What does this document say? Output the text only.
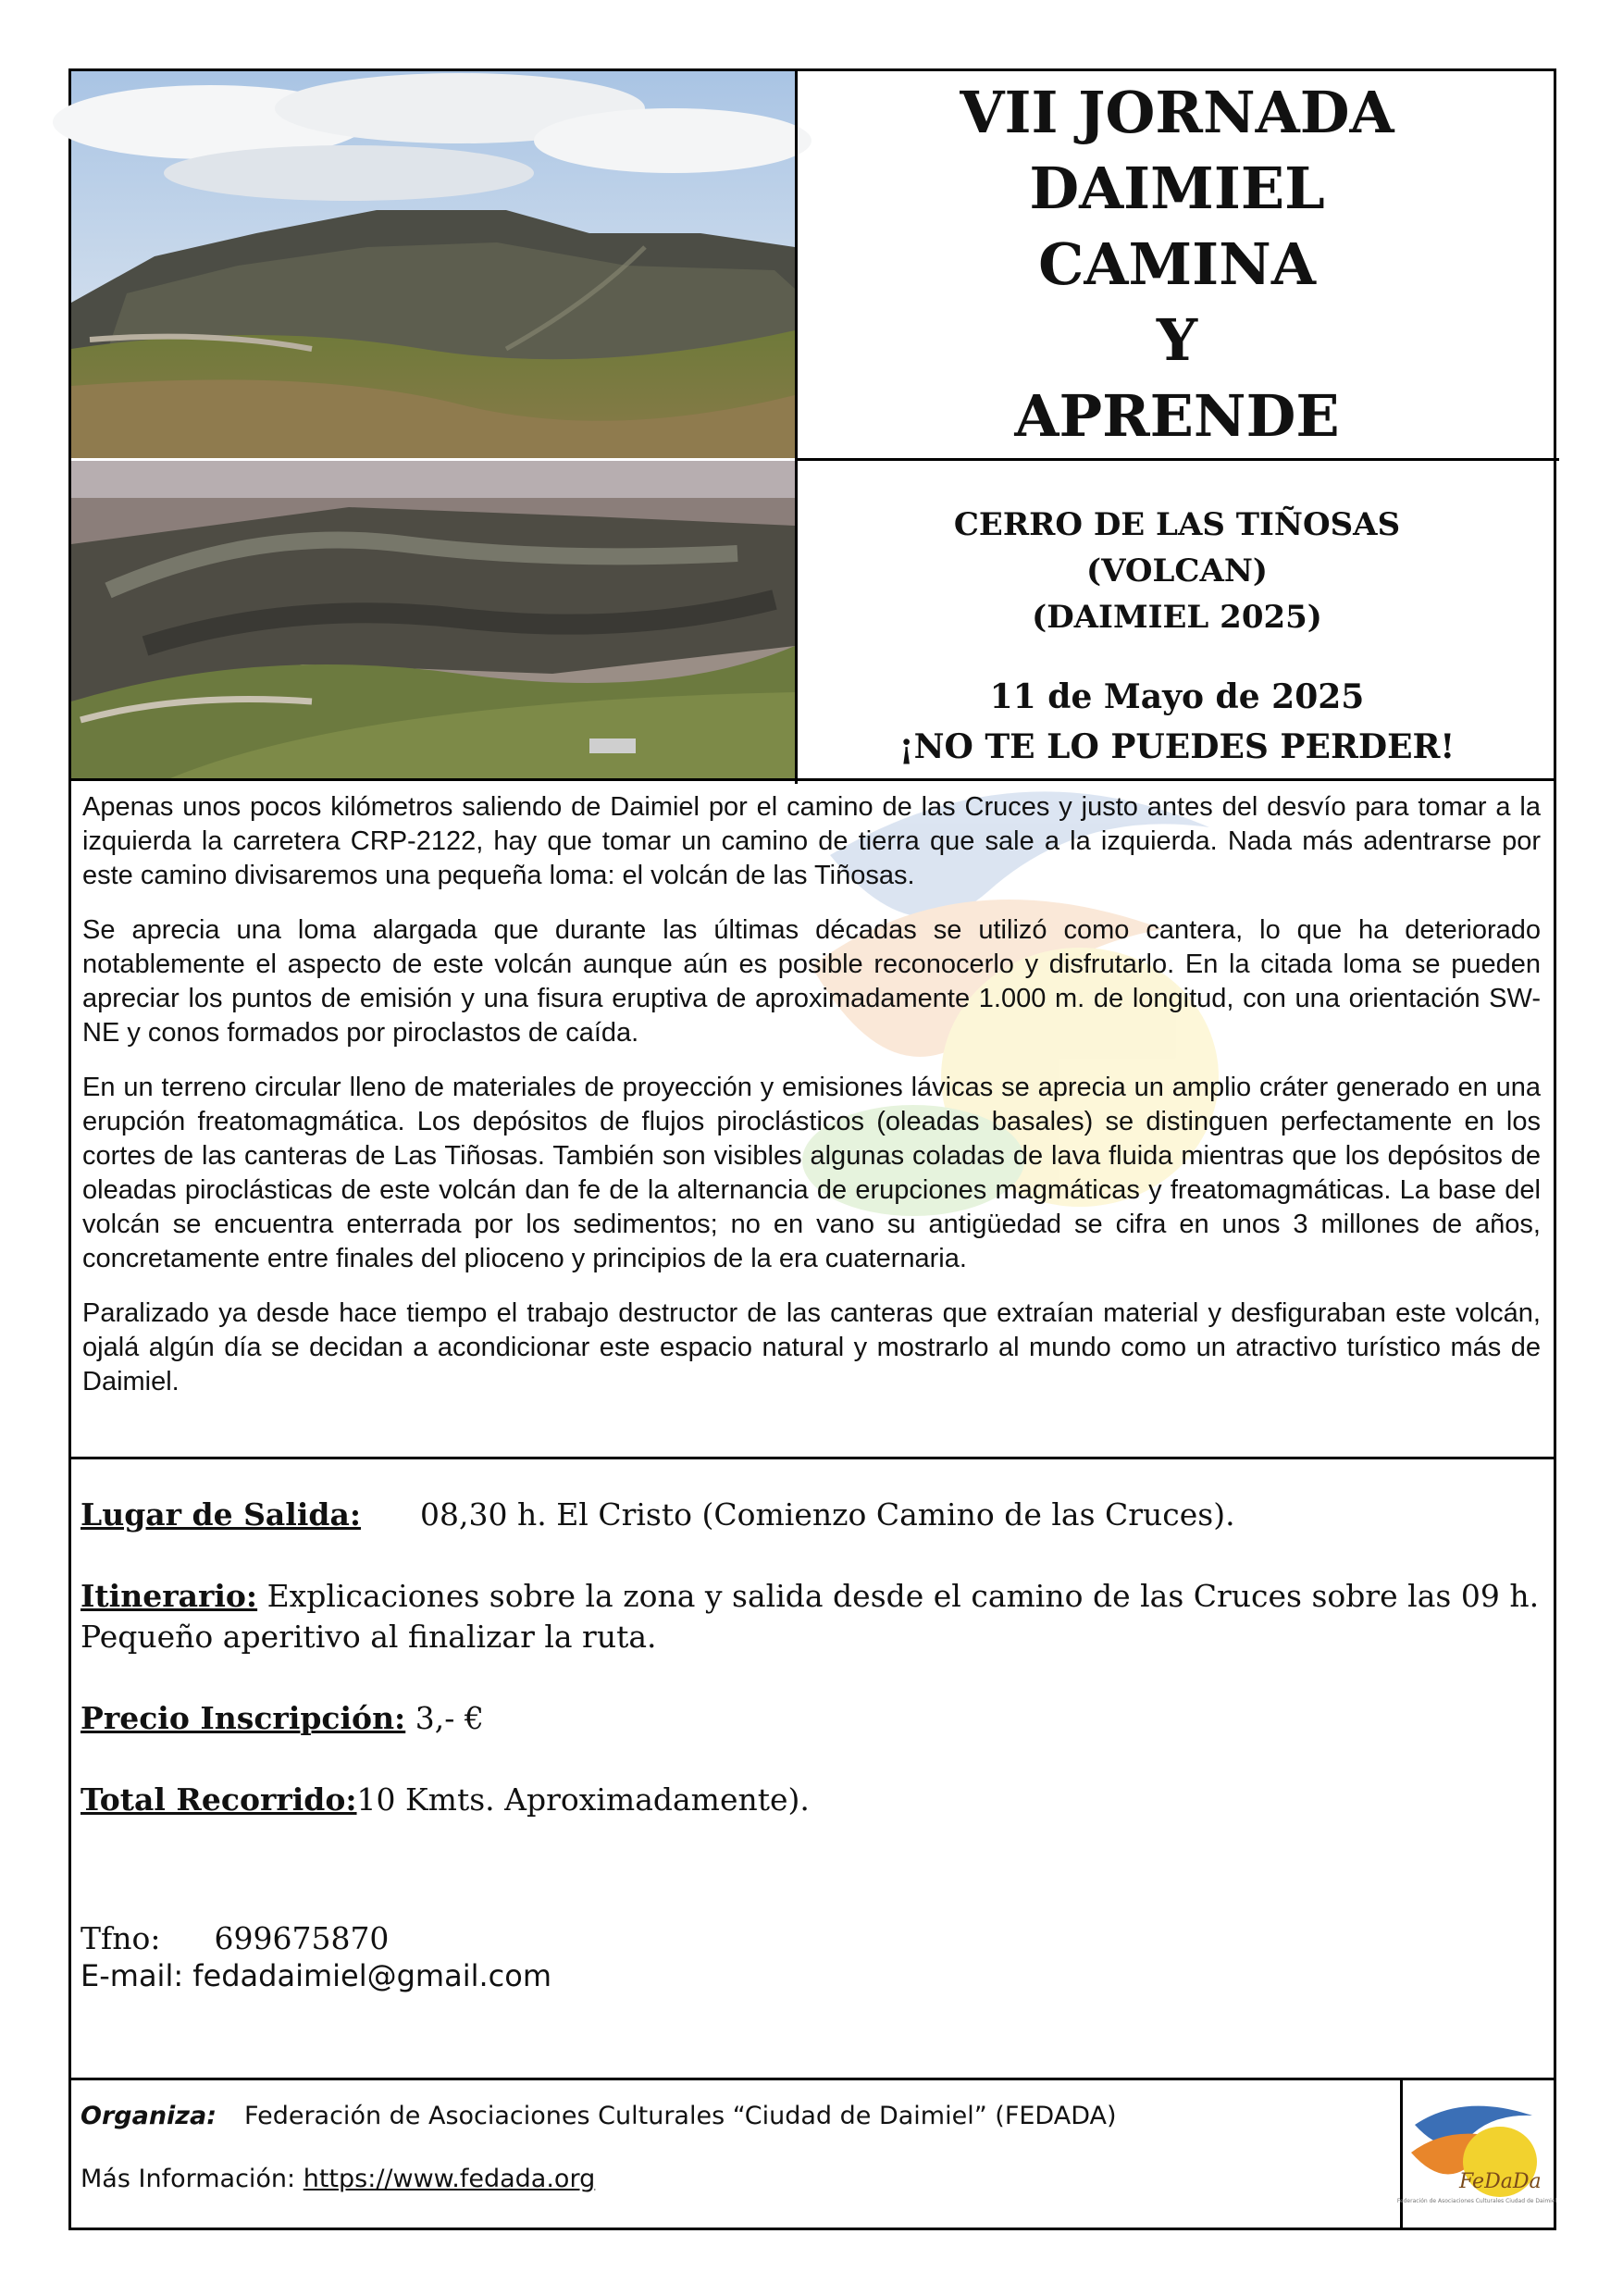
VII JORNADA
DAIMIEL
CAMINA
Y
APRENDE
CERRO DE LAS TIÑOSAS
(VOLCAN)
(DAIMIEL 2025)
11 de Mayo de 2025
¡NO TE LO PUEDES PERDER!

Apenas unos pocos kilómetros saliendo de Daimiel por el camino de las Cruces y justo antes del desvío para tomar a la izquierda la carretera CRP-2122, hay que tomar un camino de tierra que sale a la izquierda. Nada más adentrarse por este camino divisaremos una pequeña loma: el volcán de las Tiñosas.

Se aprecia una loma alargada que durante las últimas décadas se utilizó como cantera, lo que ha deteriorado notablemente el aspecto de este volcán aunque aún es posible reconocerlo y disfrutarlo. En la citada loma se pueden apreciar los puntos de emisión y una fisura eruptiva de aproximadamente 1.000 m. de longitud, con una orientación SW-NE y conos formados por piroclastos de caída.

En un terreno circular lleno de materiales de proyección y emisiones lávicas se aprecia un amplio cráter generado en una erupción freatomagmática. Los depósitos de flujos piroclásticos (oleadas basales) se distinguen perfectamente en los cortes de las canteras de Las Tiñosas. También son visibles algunas coladas de lava fluida mientras que los depósitos de oleadas piroclásticas de este volcán dan fe de la alternancia de erupciones magmáticas y freatomagmáticas. La base del volcán se encuentra enterrada por los sedimentos; no en vano su antigüedad se cifra en unos 3 millones de años, concretamente entre finales del plioceno y principios de la era cuaternaria.

Paralizado ya desde hace tiempo el trabajo destructor de las canteras que extraían material y desfiguraban este volcán, ojalá algún día se decidan a acondicionar este espacio natural y mostrarlo al mundo como un atractivo turístico más de Daimiel.

Lugar de Salida: 08,30 h. El Cristo (Comienzo Camino de las Cruces).
Itinerario: Explicaciones sobre la zona y salida desde el camino de las Cruces sobre las 09 h.
Pequeño aperitivo al finalizar la ruta.
Precio Inscripción: 3,- €
Total Recorrido:10 Kmts. Aproximadamente).
Tfno: 699675870
E-mail: fedadaimiel@gmail.com
Organiza: Federación de Asociaciones Culturales “Ciudad de Daimiel” (FEDADA)
Más Información: https://www.fedada.org	FeDaDa
Federación de Asociaciones Culturales Ciudad de Daimiel
